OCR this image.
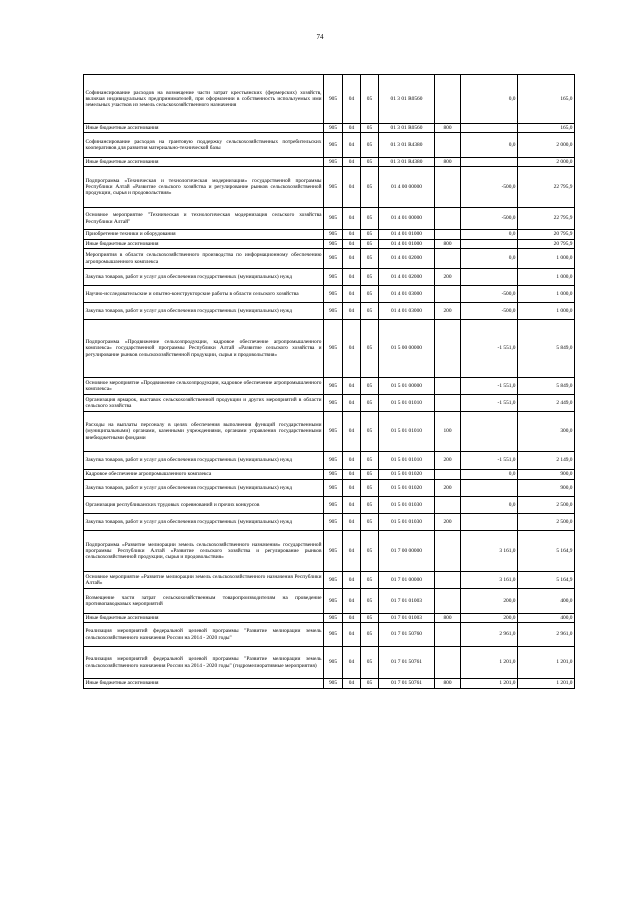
74
Софинансирование расходов на возмещение части затрат крестьянских (фермерских) хозяйств, включая индивидуальных предпринимателей, при оформлении в собственность используемых ими земельных участков из земель сельскохозяйственного назначения	905	04	05	01 3 01 R0560		0,0	165,0
Иные бюджетные ассигнования	905	04	05	01 3 01 R0560	800		165,0
Софинансирование расходов на грантовую поддержку сельскохозяйственных потребительских кооперативов для развития материально-технической базы	905	04	05	01 3 01 R4380		0,0	2 000,0
Иные бюджетные ассигнования	905	04	05	01 3 01 R4380	800		2 000,0
Подпрограмма «Техническая и технологическая модернизация» государственной программы Республики Алтай «Развитие сельского хозяйства и регулирование рынков сельскохозяйственной продукции, сырья и продовольствия»	905	04	05	01 4 00 00000		-500,0	22 795,9
Основное мероприятие "Техническая и технологическая модернизация сельского хозяйства Республики Алтай"	905	04	05	01 4 01 00000		-500,0	22 795,9
Приобретение техники и оборудования	905	04	05	01 4 01 01000		0,0	20 795,9
Иные бюджетные ассигнования	905	04	05	01 4 01 01000	800		20 795,9
Мероприятия в области сельскохозяйственного производства по информационному обеспечению агропромышленного комплекса	905	04	05	01 4 01 02000		0,0	1 000,0
Закупка товаров, работ и услуг для обеспечения государственных (муниципальных) нужд	905	04	05	01 4 01 02000	200		1 000,0
Научно-исследовательские и опытно-конструкторские работы в области сельского хозяйства	905	04	05	01 4 01 03000		-500,0	1 000,0
Закупка товаров, работ и услуг для обеспечения государственных (муниципальных) нужд	905	04	05	01 4 01 03000	200	-500,0	1 000,0
Подпрограмма «Продвижение сельхозпродукции, кадровое обеспечение агропромышленного комплекса» государственной программы Республики Алтай «Развитие сельского хозяйства и регулирование рынков сельскохозяйственной продукции, сырья и продовольствия»	905	04	05	01 5 00 00000		-1 551,0	5 849,0
Основное мероприятие «Продвижение сельхозпродукции, кадровое обеспечение агропромышленного комплекса»	905	04	05	01 5 01 00000		-1 551,0	5 849,0
Организация ярмарок, выставок сельскохозяйственной продукции и других мероприятий в области сельского хозяйства	905	04	05	01 5 01 01010		-1 551,0	2 449,0
Расходы на выплаты персоналу в целях обеспечения выполнения функций государственными (муниципальными) органами, казенными учреждениями, органами управления государственными внебюджетными фондами	905	04	05	01 5 01 01010	100		300,0
Закупка товаров, работ и услуг для обеспечения государственных (муниципальных) нужд	905	04	05	01 5 01 01010	200	-1 551,0	2 149,0
Кадровое обеспечение агропромышленного комплекса	905	04	05	01 5 01 01020		0,0	900,0
Закупка товаров, работ и услуг для обеспечения государственных (муниципальных) нужд	905	04	05	01 5 01 01020	200		900,0
Организация республиканских трудовых соревнований и прочих конкурсов	905	04	05	01 5 01 01030		0,0	2 500,0
Закупка товаров, работ и услуг для обеспечения государственных (муниципальных) нужд	905	04	05	01 5 01 01030	200		2 500,0
Подпрограмма «Развитие мелиорации земель сельскохозяйственного назначения» государственной программы Республики Алтай «Развитие сельского хозяйства и регулирование рынков сельскохозяйственной продукции, сырья и продовольствия»	905	04	05	01 7 00 00000		3 161,0	5 164,9
Основное мероприятие «Развитие мелиорации земель сельскохозяйственного назначения Республики Алтай»	905	04	05	01 7 01 00000		3 161,0	5 164,9
Возмещение части затрат сельскохозяйственным товаропроизводителям на проведение противопаводковых мероприятий	905	04	05	01 7 01 01003		200,0	400,0
Иные бюджетные ассигнования	905	04	05	01 7 01 01003	800	200,0	400,0
Реализация мероприятий федеральной целевой программы "Развитие мелиорации земель сельскохозяйственного назначения России на 2014 - 2020 годы"	905	04	05	01 7 01 50760		2 961,0	2 961,0
Реализация мероприятий федеральной целевой программы "Развитие мелиорации земель сельскохозяйственного назначения России на 2014 - 2020 годы" (гидромелиоративные мероприятия)	905	04	05	01 7 01 50761		1 201,0	1 201,0
Иные бюджетные ассигнования	905	04	05	01 7 01 50761	800	1 201,0	1 201,0
